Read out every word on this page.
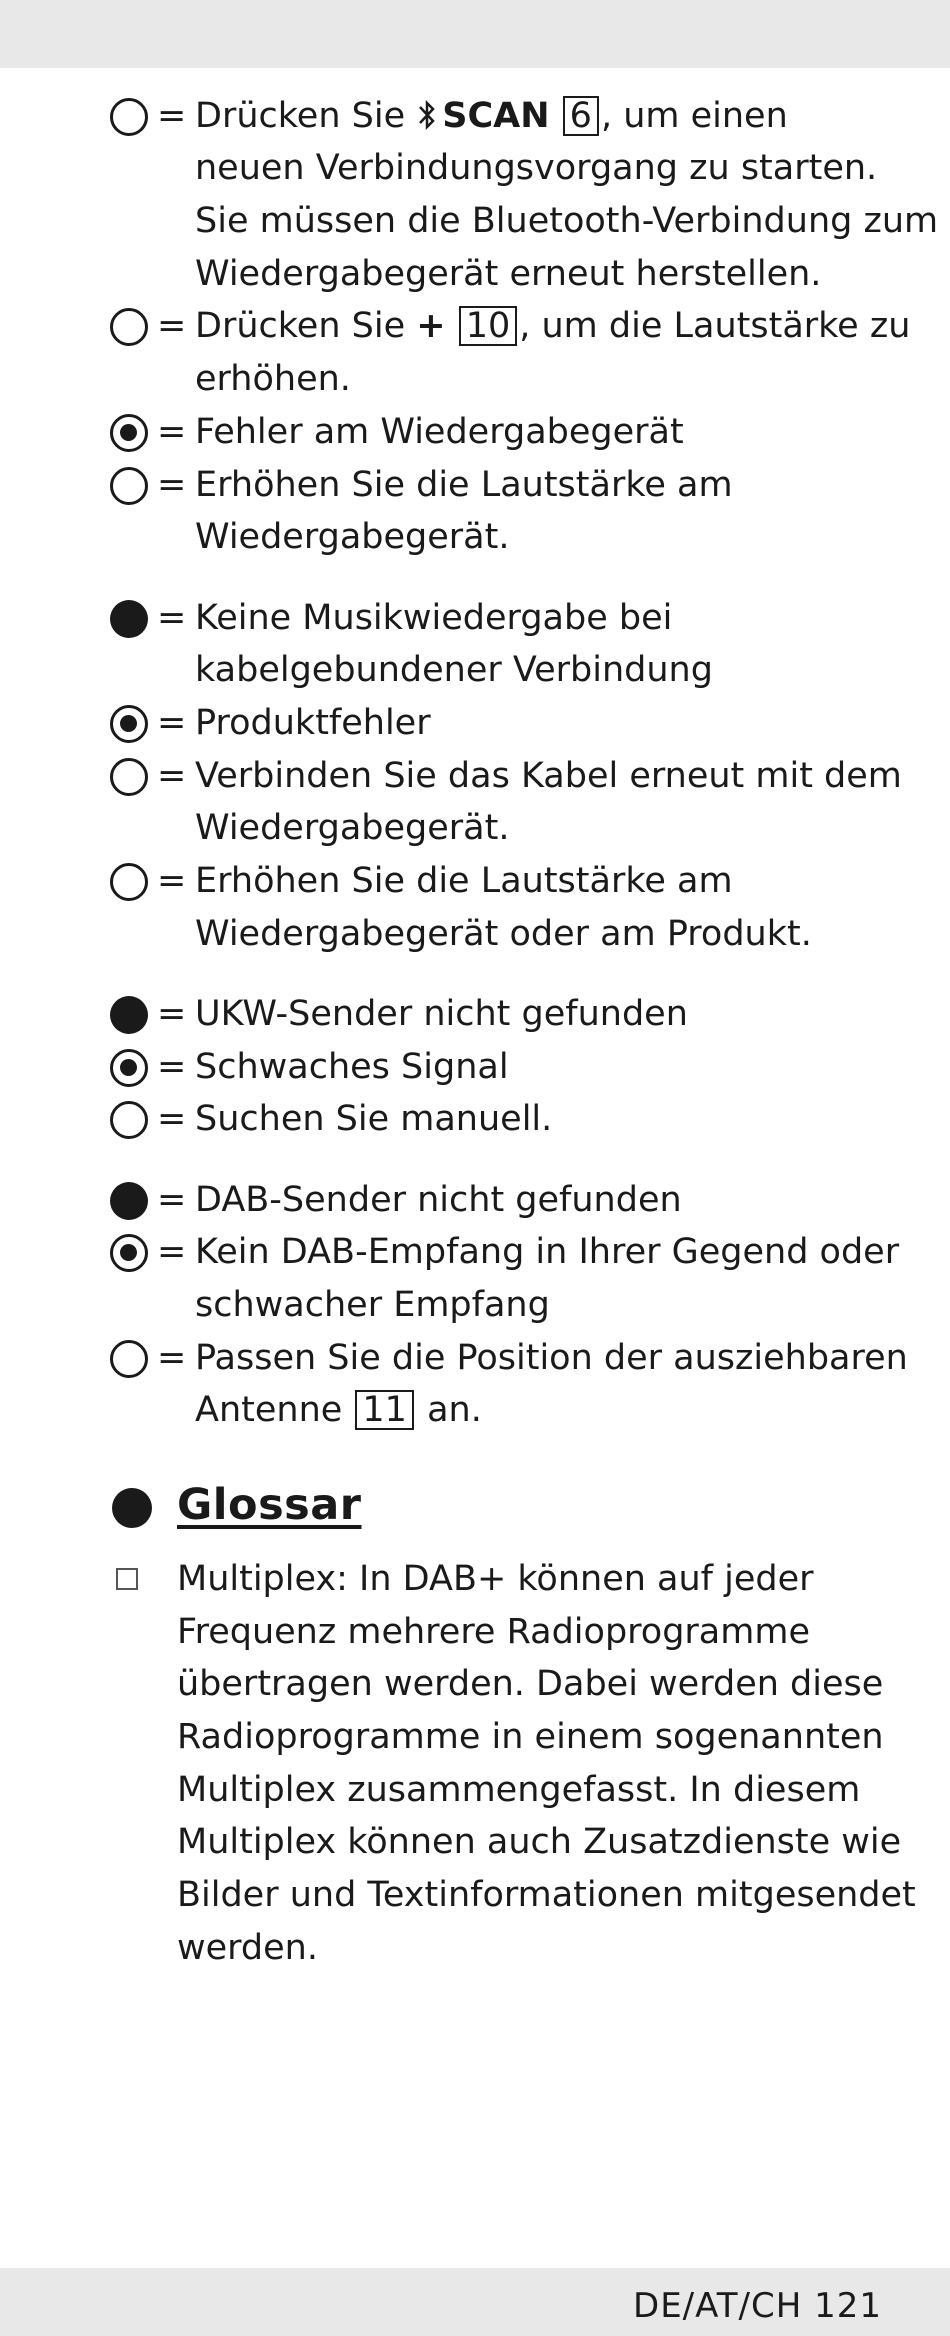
= Drücken Sie SCAN 6 , um einen
neuen Verbindungsvorgang zu starten.
Sie müssen die Bluetooth-Verbindung zum
Wiedergabegerät erneut herstellen.
= Drücken Sie + 10 , um die Lautstärke zu
erhöhen.
= Fehler am Wiedergabegerät
= Erhöhen Sie die Lautstärke am
Wiedergabegerät.
= Keine Musikwiedergabe bei
kabelgebundener Verbindung
= Produktfehler
= Verbinden Sie das Kabel erneut mit dem
Wiedergabegerät.
= Erhöhen Sie die Lautstärke am
Wiedergabegerät oder am Produkt.
= UKW-Sender nicht gefunden
= Schwaches Signal
= Suchen Sie manuell.
= DAB-Sender nicht gefunden
= Kein DAB-Empfang in Ihrer Gegend oder
schwacher Empfang
= Passen Sie die Position der ausziehbaren
Antenne 11 an.
Glossar
Multiplex: In DAB+ können auf jeder
Frequenz mehrere Radioprogramme
übertragen werden. Dabei werden diese
Radioprogramme in einem sogenannten
Multiplex zusammengefasst. In diesem
Multiplex können auch Zusatzdienste wie
Bilder und Textinformationen mitgesendet
werden.
DE/AT/CH 121
